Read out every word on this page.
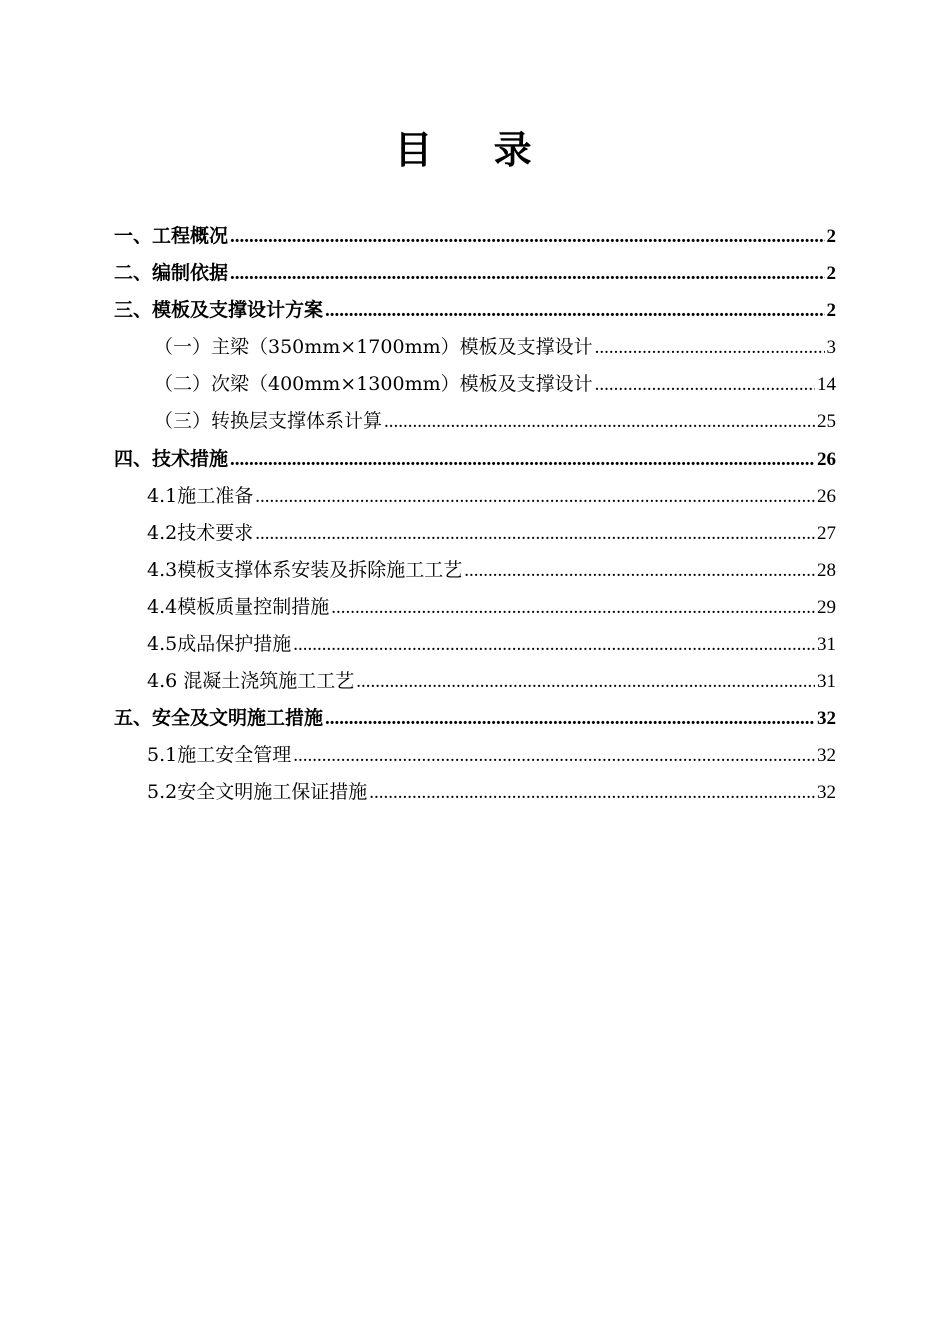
目 录
一、工程概况 .....	2
二、编制依据 .....	2
三、模板及支撑设计方案 .....	2
（一）主梁（350mm×1700mm）模板及支撑设计 .....	3
（二）次梁（400mm×1300mm）模板及支撑设计 .....	14
（三）转换层支撑体系计算 .....	25
四、技术措施 .....	26
4.1施工准备 .....	26
4.2技术要求 .....	27
4.3模板支撑体系安装及拆除施工工艺 .....	28
4.4模板质量控制措施 .....	29
4.5成品保护措施 .....	31
4.6 混凝土浇筑施工工艺 .....	31
五、安全及文明施工措施 .....	32
5.1施工安全管理 .....	32
5.2安全文明施工保证措施 .....	32
